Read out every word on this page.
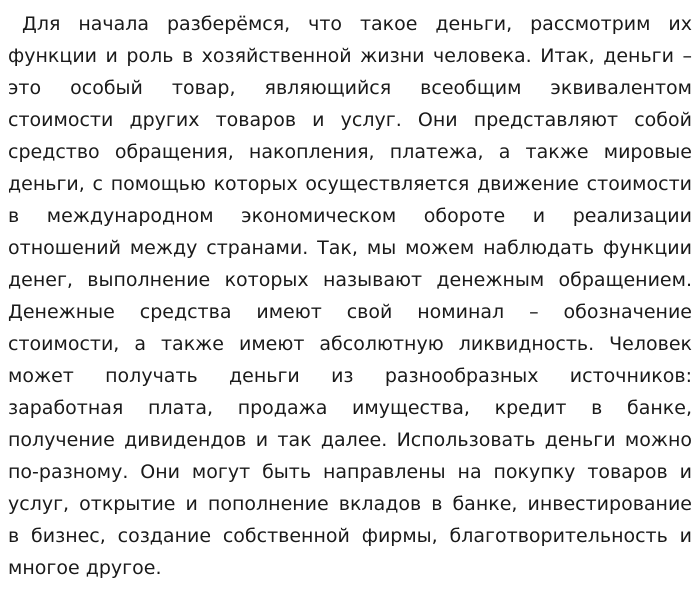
Для начала разберёмся, что такое деньги, рассмотрим их
функции и роль в хозяйственной жизни человека. Итак, деньги –
это особый товар, являющийся всеобщим эквивалентом
стоимости других товаров и услуг. Они представляют собой
средство обращения, накопления, платежа, а также мировые
деньги, с помощью которых осуществляется движение стоимости
в международном экономическом обороте и реализации
отношений между странами. Так, мы можем наблюдать функции
денег, выполнение которых называют денежным обращением.
Денежные средства имеют свой номинал – обозначение
стоимости, а также имеют абсолютную ликвидность. Человек
может получать деньги из разнообразных источников:
заработная плата, продажа имущества, кредит в банке,
получение дивидендов и так далее. Использовать деньги можно
по-разному. Они могут быть направлены на покупку товаров и
услуг, открытие и пополнение вкладов в банке, инвестирование
в бизнес, создание собственной фирмы, благотворительность и
многое другое.
